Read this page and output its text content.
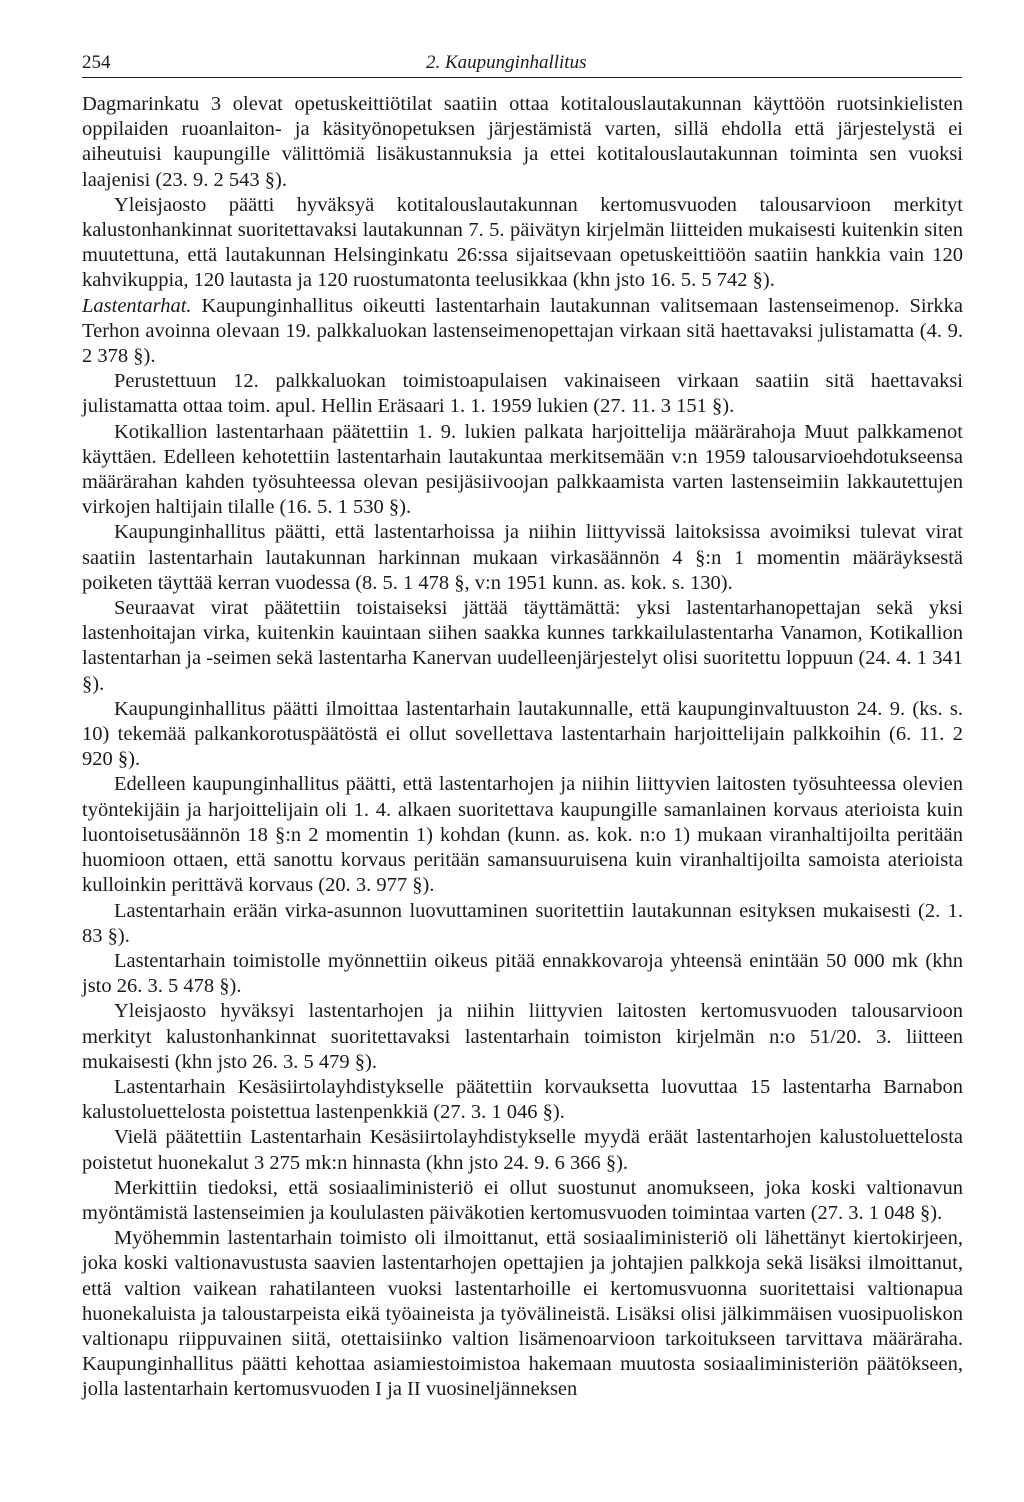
254	2. Kaupunginhallitus

Dagmarinkatu 3 olevat opetuskeittiötilat saatiin ottaa kotitalouslautakunnan käyttöön ruotsinkielisten oppilaiden ruoanlaiton- ja käsityönopetuksen järjestämistä varten, sillä ehdolla että järjestelystä ei aiheutuisi kaupungille välittömiä lisäkustannuksia ja ettei kotitalouslautakunnan toiminta sen vuoksi laajenisi (23. 9. 2 543 §).

Yleisjaosto päätti hyväksyä kotitalouslautakunnan kertomusvuoden talousarvioon merkityt kalustonhankinnat suoritettavaksi lautakunnan 7. 5. päivätyn kirjelmän liitteiden mukaisesti kuitenkin siten muutettuna, että lautakunnan Helsinginkatu 26:ssa sijaitsevaan opetuskeittiöön saatiin hankkia vain 120 kahvikuppia, 120 lautasta ja 120 ruostumatonta teelusikkaa (khn jsto 16. 5. 5 742 §).

Lastentarhat. Kaupunginhallitus oikeutti lastentarhain lautakunnan valitsemaan lastenseimenop. Sirkka Terhon avoinna olevaan 19. palkkaluokan lastenseimenopettajan virkaan sitä haettavaksi julistamatta (4. 9. 2 378 §).

Perustettuun 12. palkkaluokan toimistoapulaisen vakinaiseen virkaan saatiin sitä haettavaksi julistamatta ottaa toim. apul. Hellin Eräsaari 1. 1. 1959 lukien (27. 11. 3 151 §).

Kotikallion lastentarhaan päätettiin 1. 9. lukien palkata harjoittelija määrärahoja Muut palkkamenot käyttäen. Edelleen kehotettiin lastentarhain lautakuntaa merkitsemään v:n 1959 talousarvioehdotukseensa määrärahan kahden työsuhteessa olevan pesijäsiivoojan palkkaamista varten lastenseimiin lakkautettujen virkojen haltijain tilalle (16. 5. 1 530 §).

Kaupunginhallitus päätti, että lastentarhoissa ja niihin liittyvissä laitoksissa avoimiksi tulevat virat saatiin lastentarhain lautakunnan harkinnan mukaan virkasäännön 4 §:n 1 momentin määräyksestä poiketen täyttää kerran vuodessa (8. 5. 1 478 §, v:n 1951 kunn. as. kok. s. 130).

Seuraavat virat päätettiin toistaiseksi jättää täyttämättä: yksi lastentarhanopettajan sekä yksi lastenhoitajan virka, kuitenkin kauintaan siihen saakka kunnes tarkkailulastentarha Vanamon, Kotikallion lastentarhan ja -seimen sekä lastentarha Kanervan uudelleenjärjestelyt olisi suoritettu loppuun (24. 4. 1 341 §).

Kaupunginhallitus päätti ilmoittaa lastentarhain lautakunnalle, että kaupunginvaltuuston 24. 9. (ks. s. 10) tekemää palkankorotuspäätöstä ei ollut sovellettava lastentarhain harjoittelijain palkkoihin (6. 11. 2 920 §).

Edelleen kaupunginhallitus päätti, että lastentarhojen ja niihin liittyvien laitosten työsuhteessa olevien työntekijäin ja harjoittelijain oli 1. 4. alkaen suoritettava kaupungille samanlainen korvaus aterioista kuin luontoisetusäännön 18 §:n 2 momentin 1) kohdan (kunn. as. kok. n:o 1) mukaan viranhaltijoilta peritään huomioon ottaen, että sanottu korvaus peritään samansuuruisena kuin viranhaltijoilta samoista aterioista kulloinkin perittävä korvaus (20. 3. 977 §).

Lastentarhain erään virka-asunnon luovuttaminen suoritettiin lautakunnan esityksen mukaisesti (2. 1. 83 §).

Lastentarhain toimistolle myönnettiin oikeus pitää ennakkovaroja yhteensä enintään 50 000 mk (khn jsto 26. 3. 5 478 §).

Yleisjaosto hyväksyi lastentarhojen ja niihin liittyvien laitosten kertomusvuoden talousarvioon merkityt kalustonhankinnat suoritettavaksi lastentarhain toimiston kirjelmän n:o 51/20. 3. liitteen mukaisesti (khn jsto 26. 3. 5 479 §).

Lastentarhain Kesäsiirtolayhdistykselle päätettiin korvauksetta luovuttaa 15 lastentarha Barnabon kalustoluettelosta poistettua lastenpenkkiä (27. 3. 1 046 §).

Vielä päätettiin Lastentarhain Kesäsiirtolayhdistykselle myydä eräät lastentarhojen kalustoluettelosta poistetut huonekalut 3 275 mk:n hinnasta (khn jsto 24. 9. 6 366 §).

Merkittiin tiedoksi, että sosiaaliministeriö ei ollut suostunut anomukseen, joka koski valtionavun myöntämistä lastenseimien ja koululasten päiväkotien kertomusvuoden toimintaa varten (27. 3. 1 048 §).

Myöhemmin lastentarhain toimisto oli ilmoittanut, että sosiaaliministeriö oli lähettänyt kiertokirjeen, joka koski valtionavustusta saavien lastentarhojen opettajien ja johtajien palkkoja sekä lisäksi ilmoittanut, että valtion vaikean rahatilanteen vuoksi lastentarhoille ei kertomusvuonna suoritettaisi valtionapua huonekaluista ja taloustarpeista eikä työaineista ja työvälineistä. Lisäksi olisi jälkimmäisen vuosipuoliskon valtionapu riippuvainen siitä, otettaisiinko valtion lisämenoarvioon tarkoitukseen tarvittava määräraha. Kaupunginhallitus päätti kehottaa asiamiestoimistoa hakemaan muutosta sosiaaliministeriön päätökseen, jolla lastentarhain kertomusvuoden I ja II vuosineljänneksen
